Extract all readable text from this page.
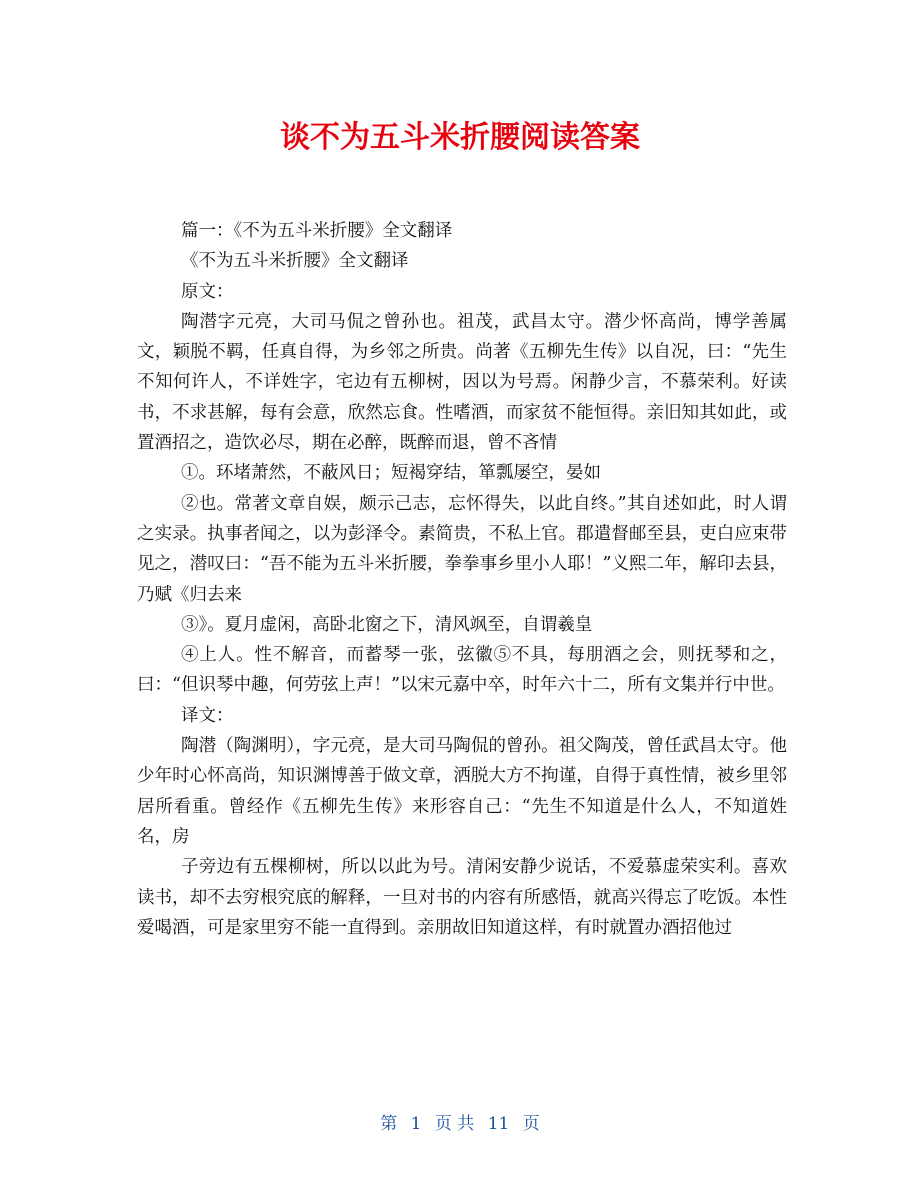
谈不为五斗米折腰阅读答案

篇一：《不为五斗米折腰》全文翻译

《不为五斗米折腰》全文翻译

原文：

陶潜字元亮，大司马侃之曾孙也。祖茂，武昌太守。潜少怀高尚，博学善属文，颖脱不羁，任真自得，为乡邻之所贵。尚著《五柳先生传》以自况，曰：“先生不知何许人，不详姓字，宅边有五柳树，因以为号焉。闲静少言，不慕荣利。好读书，不求甚解，每有会意，欣然忘食。性嗜酒，而家贫不能恒得。亲旧知其如此，或置酒招之，造饮必尽，期在必醉，既醉而退，曾不吝情

①。环堵萧然，不蔽风日；短褐穿结，箪瓢屡空，晏如

②也。常著文章自娱，颇示己志，忘怀得失，以此自终。”其自述如此，时人谓之实录。执事者闻之，以为彭泽令。素简贵，不私上官。郡遣督邮至县，吏白应束带见之，潜叹曰：“吾不能为五斗米折腰，拳拳事乡里小人耶！”义熙二年，解印去县，乃赋《归去来

③》。夏月虚闲，高卧北窗之下，清风飒至，自谓羲皇

④上人。性不解音，而蓄琴一张，弦徽⑤不具，每朋酒之会，则抚琴和之，曰：“但识琴中趣，何劳弦上声！”以宋元嘉中卒，时年六十二，所有文集并行中世。

译文：

陶潜（陶渊明），字元亮，是大司马陶侃的曾孙。祖父陶茂，曾任武昌太守。他少年时心怀高尚，知识渊博善于做文章，洒脱大方不拘谨，自得于真性情，被乡里邻居所看重。曾经作《五柳先生传》来形容自己：“先生不知道是什么人，不知道姓名，房

子旁边有五棵柳树，所以以此为号。清闲安静少说话，不爱慕虚荣实利。喜欢读书，却不去穷根究底的解释，一旦对书的内容有所感悟，就高兴得忘了吃饭。本性爱喝酒，可是家里穷不能一直得到。亲朋故旧知道这样，有时就置办酒招他过

第 1 页 共 11 页
